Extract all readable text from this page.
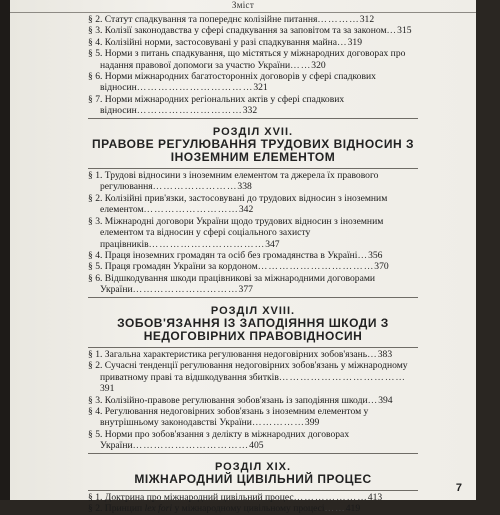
Зміст
§ 2. Статут спадкування та попереднє колізійне питання…………312
§ 3. Колізії законодавства у сфері спадкування за заповітом та за законом…315
§ 4. Колізійні норми, застосовувані у разі спадкування майна…319
§ 5. Норми з питань спадкування, що містяться у міжнародних договорах про надання правової допомоги за участю України……320
§ 6. Норми міжнародних багатосторонніх договорів у сфері спадкових відносин……………………………321
§ 7. Норми міжнародних регіональних актів у сфері спадкових відносин…………………………332
РОЗДІЛ XVII.
ПРАВОВЕ РЕГУЛЮВАННЯ ТРУДОВИХ ВІДНОСИН З ІНОЗЕМНИМ ЕЛЕМЕНТОМ
§ 1. Трудові відносини з іноземним елементом та джерела їх правового регулювання……………………338
§ 2. Колізійні прив'язки, застосовувані до трудових відносин з іноземним елементом………………………342
§ 3. Міжнародні договори України щодо трудових відносин з іноземним елементом та відносин у сфері соціального захисту працівників……………………………347
§ 4. Праця іноземних громадян та осіб без громадянства в Україні…356
§ 5. Праця громадян України за кордоном……………………………370
§ 6. Відшкодування шкоди працівникові за міжнародними договорами України…………………………377
РОЗДІЛ XVIII.
ЗОБОВ'ЯЗАННЯ ІЗ ЗАПОДІЯННЯ ШКОДИ З НЕДОГОВІРНИХ ПРАВОВІДНОСИН
§ 1. Загальна характеристика регулювання недоговірних зобов'язань…383
§ 2. Сучасні тенденції регулювання недоговірних зобов'язань у міжнародному приватному праві та відшкодування збитків………………………………391
§ 3. Колізійно-правове регулювання зобов'язань із заподіяння шкоди…394
§ 4. Регулювання недоговірних зобов'язань з іноземним елементом у внутрішньому законодавстві України……………399
§ 5. Норми про зобов'язання з делікту в міжнародних договорах України……………………………405
РОЗДІЛ XIX.
МІЖНАРОДНИЙ ЦИВІЛЬНИЙ ПРОЦЕС
§ 1. Доктрина про міжнародний цивільний процес…………………413
§ 2. Принцип lex fori у міжнародному цивільному процесі……419
7
